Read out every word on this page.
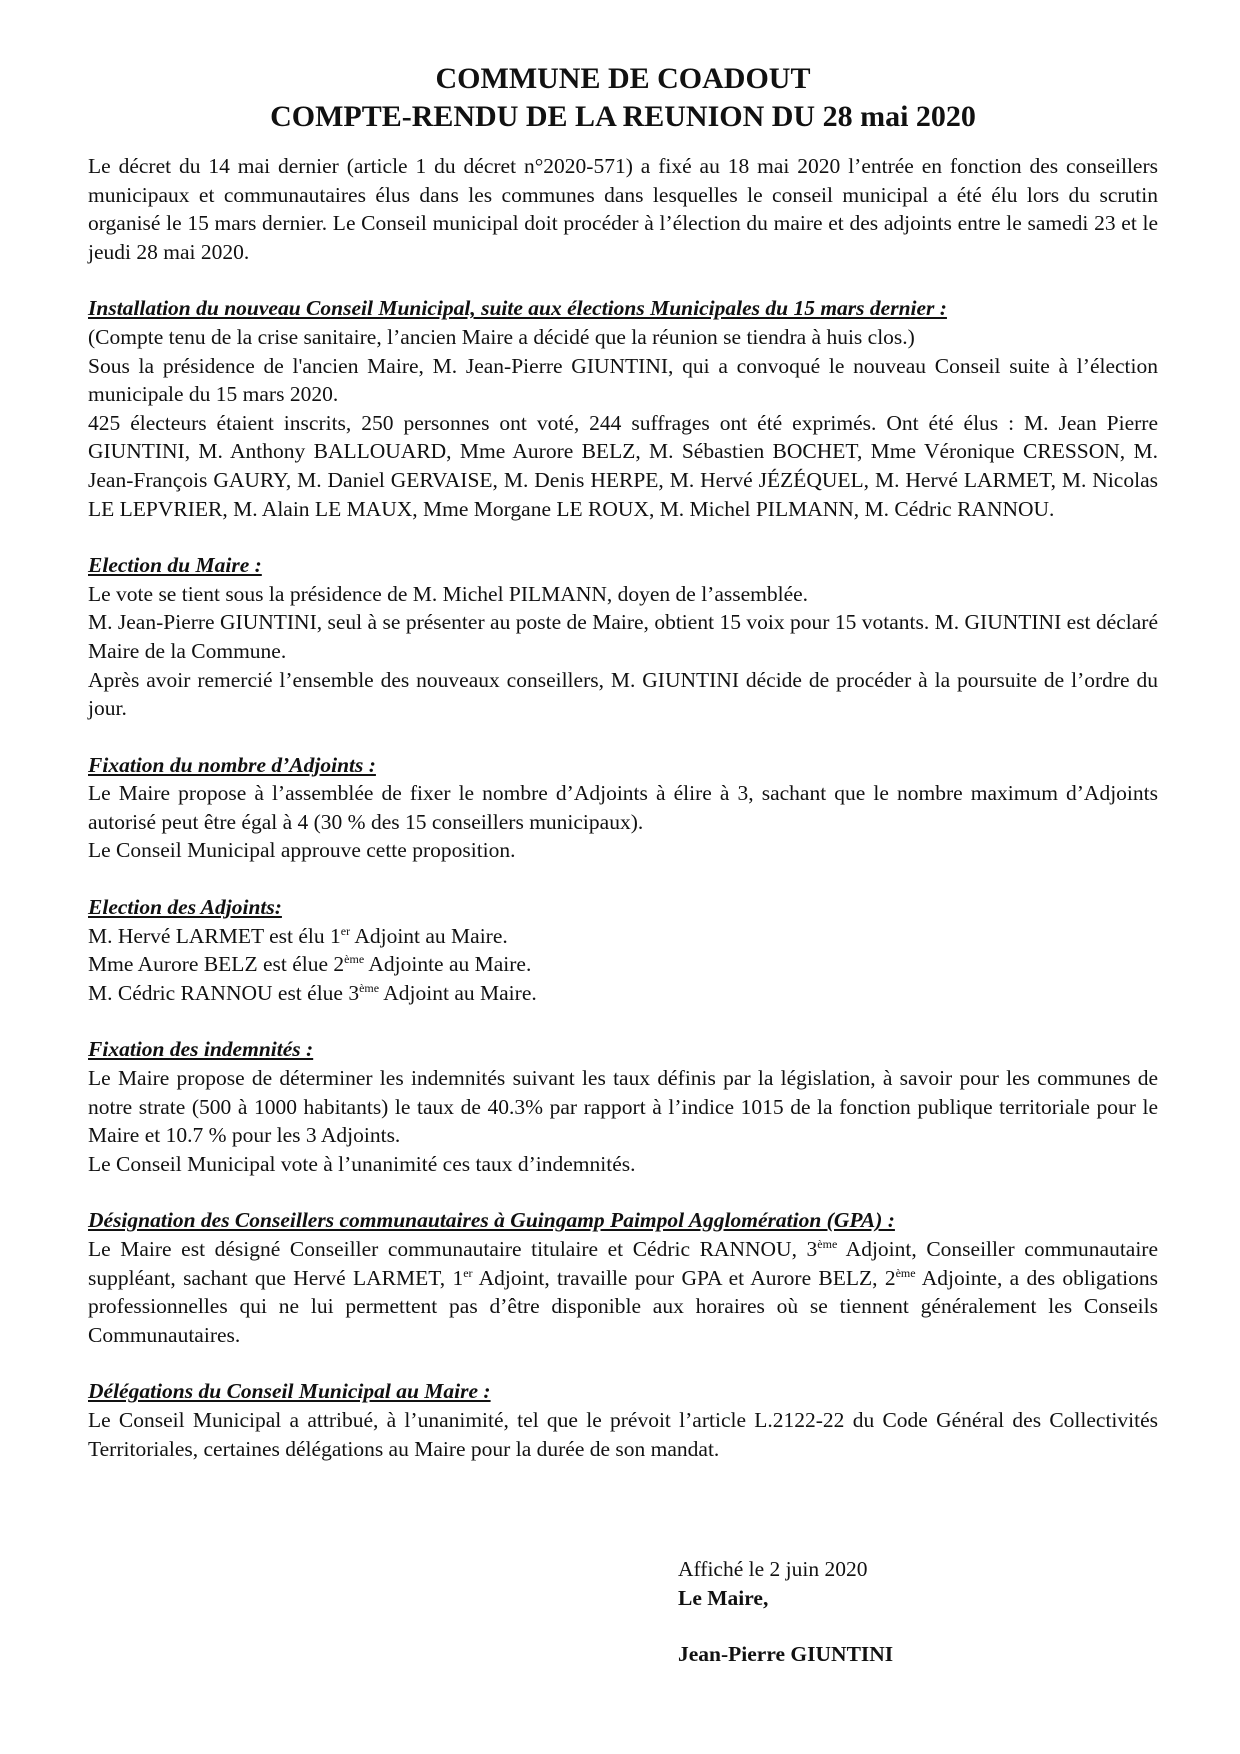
COMMUNE DE COADOUT

COMPTE-RENDU DE LA REUNION DU 28 mai 2020

Le décret du 14 mai dernier (article 1 du décret n°2020-571) a fixé au 18 mai 2020 l’entrée en fonction des conseillers municipaux et communautaires élus dans les communes dans lesquelles le conseil municipal a été élu lors du scrutin organisé le 15 mars dernier. Le Conseil municipal doit procéder à l’élection du maire et des adjoints entre le samedi 23 et le jeudi 28 mai 2020.

Installation du nouveau Conseil Municipal, suite aux élections Municipales du 15 mars dernier :

(Compte tenu de la crise sanitaire, l’ancien Maire a décidé que la réunion se tiendra à huis clos.)

Sous la présidence de l'ancien Maire, M. Jean-Pierre GIUNTINI, qui a convoqué le nouveau Conseil suite à l’élection municipale du 15 mars 2020.

425 électeurs étaient inscrits, 250 personnes ont voté, 244 suffrages ont été exprimés. Ont été élus : M. Jean Pierre GIUNTINI, M. Anthony BALLOUARD, Mme Aurore BELZ, M. Sébastien BOCHET, Mme Véronique CRESSON, M. Jean-François GAURY, M. Daniel GERVAISE, M. Denis HERPE, M. Hervé JÉZÉQUEL, M. Hervé LARMET, M. Nicolas LE LEPVRIER, M. Alain LE MAUX, Mme Morgane LE ROUX, M. Michel PILMANN, M. Cédric RANNOU.

Election du Maire :

Le vote se tient sous la présidence de M. Michel PILMANN, doyen de l’assemblée.

M. Jean-Pierre GIUNTINI, seul à se présenter au poste de Maire, obtient 15 voix pour 15 votants. M. GIUNTINI est déclaré Maire de la Commune.

Après avoir remercié l’ensemble des nouveaux conseillers, M. GIUNTINI décide de procéder à la poursuite de l’ordre du jour.

Fixation du nombre d’Adjoints :

Le Maire propose à l’assemblée de fixer le nombre d’Adjoints à élire à 3, sachant que le nombre maximum d’Adjoints autorisé peut être égal à 4 (30 % des 15 conseillers municipaux).

Le Conseil Municipal approuve cette proposition.

Election des Adjoints:

M. Hervé LARMET est élu 1er Adjoint au Maire.

Mme Aurore BELZ est élue 2ème Adjointe au Maire.

M. Cédric RANNOU est élue 3ème Adjoint au Maire.

Fixation des indemnités :

Le Maire propose de déterminer les indemnités suivant les taux définis par la législation, à savoir pour les communes de notre strate (500 à 1000 habitants) le taux de 40.3% par rapport à l’indice 1015 de la fonction publique territoriale pour le Maire et 10.7 % pour les 3 Adjoints.

Le Conseil Municipal vote à l’unanimité ces taux d’indemnités.

Désignation des Conseillers communautaires à Guingamp Paimpol Agglomération (GPA) :

Le Maire est désigné Conseiller communautaire titulaire et Cédric RANNOU, 3ème Adjoint, Conseiller communautaire suppléant, sachant que Hervé LARMET, 1er Adjoint, travaille pour GPA et Aurore BELZ, 2ème Adjointe, a des obligations professionnelles qui ne lui permettent pas d’être disponible aux horaires où se tiennent généralement les Conseils Communautaires.

Délégations du Conseil Municipal au Maire :

Le Conseil Municipal a attribué, à l’unanimité, tel que le prévoit l’article L.2122-22 du Code Général des Collectivités Territoriales, certaines délégations au Maire pour la durée de son mandat.

Affiché le 2 juin 2020

Le Maire,

Jean-Pierre GIUNTINI
